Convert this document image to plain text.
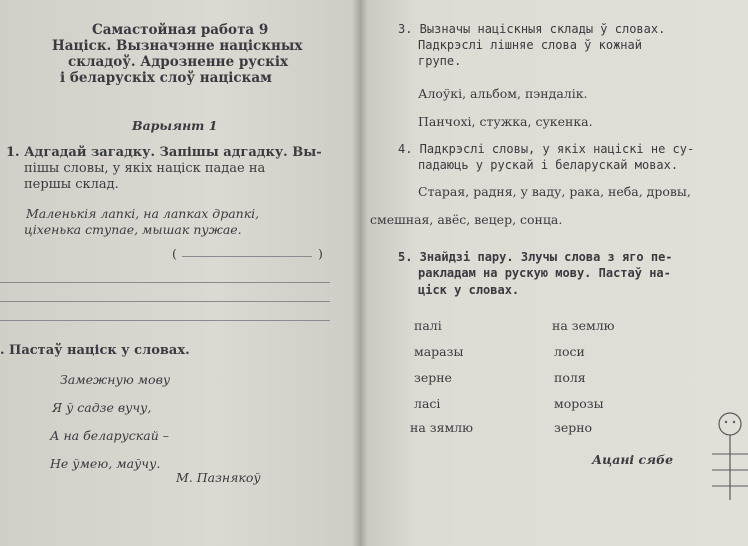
Самастойная работа 9
Націск. Вызначэнне націскных
складоў. Адрозненне рускіх
і беларускіх слоў націскам
Варыянт 1
1. Адгадай загадку. Запішы адгадку. Вы-
пішы словы, у якіх націск падае на
першы склад.
Маленькія лапкі, на лапках драпкі,
ціхенька ступае, мышак пужае.
(	)
. Пастаў націск у словах.
Замежную мову
Я ў садзе вучу,
А на беларускай –
Не ўмею, маўчу.
М. Пазнякоў
3. Вызначы націскныя склады ў словах.
Падкрэслі лішняе слова ў кожнай
групе.
Алоўкі, альбом, пэндалік.
Панчохі, стужка, сукенка.
4. Падкрэслі словы, у якіх націскі не су-
падаюць у рускай і беларускай мовах.
Старая, радня, у ваду, рака, неба, дровы,
смешная, авёс, вецер, сонца.
5. Знайдзі пару. Злучы слова з яго пе-
ракладам на рускую мову. Пастаў на-
ціск у словах.
палі
маразы
зерне
ласі
на зямлю
на землю
лоси
поля
морозы
зерно
Ацані сябе
